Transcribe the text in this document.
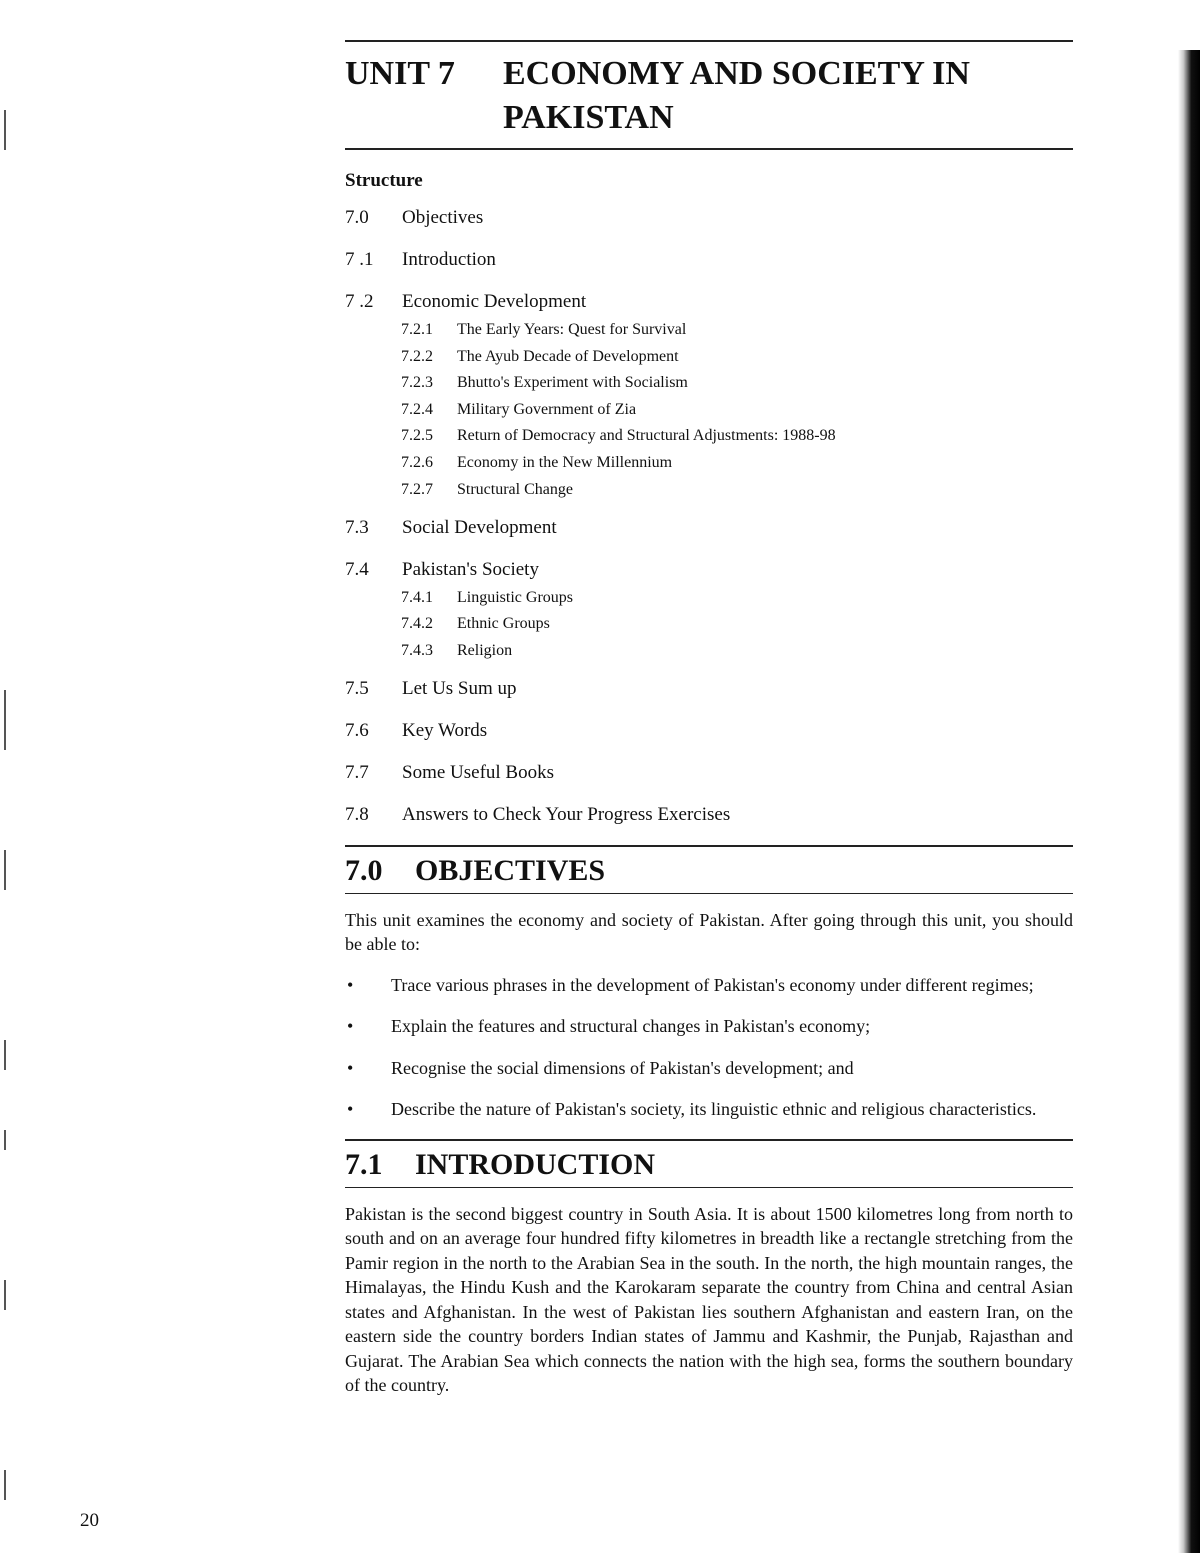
UNIT 7	ECONOMY AND SOCIETY IN PAKISTAN
Structure
7.0	Objectives
7 .1	Introduction
7 .2	Economic Development
7.2.1	The Early Years: Quest for Survival
7.2.2	The Ayub Decade of Development
7.2.3	Bhutto's Experiment with Socialism
7.2.4	Military Government of Zia
7.2.5	Return of Democracy and Structural Adjustments: 1988-98
7.2.6	Economy in the New Millennium
7.2.7	Structural Change
7.3	Social Development
7.4	Pakistan's Society
7.4.1	Linguistic Groups
7.4.2	Ethnic Groups
7.4.3	Religion
7.5	Let Us Sum up
7.6	Key Words
7.7	Some Useful Books
7.8	Answers to Check Your Progress Exercises
7.0	OBJECTIVES

This unit examines the economy and society of Pakistan. After going through this unit, you should be able to:

• Trace various phrases in the development of Pakistan's economy under different regimes;
• Explain the features and structural changes in Pakistan's economy;
• Recognise the social dimensions of Pakistan's development; and
• Describe the nature of Pakistan's society, its linguistic ethnic and religious characteristics.
7.1	INTRODUCTION

Pakistan is the second biggest country in South Asia. It is about 1500 kilometres long from north to south and on an average four hundred fifty kilometres in breadth like a rectangle stretching from the Pamir region in the north to the Arabian Sea in the south. In the north, the high mountain ranges, the Himalayas, the Hindu Kush and the Karokaram separate the country from China and central Asian states and Afghanistan. In the west of Pakistan lies southern Afghanistan and eastern Iran, on the eastern side the country borders Indian states of Jammu and Kashmir, the Punjab, Rajasthan and Gujarat. The Arabian Sea which connects the nation with the high sea, forms the southern boundary of the country.

20
